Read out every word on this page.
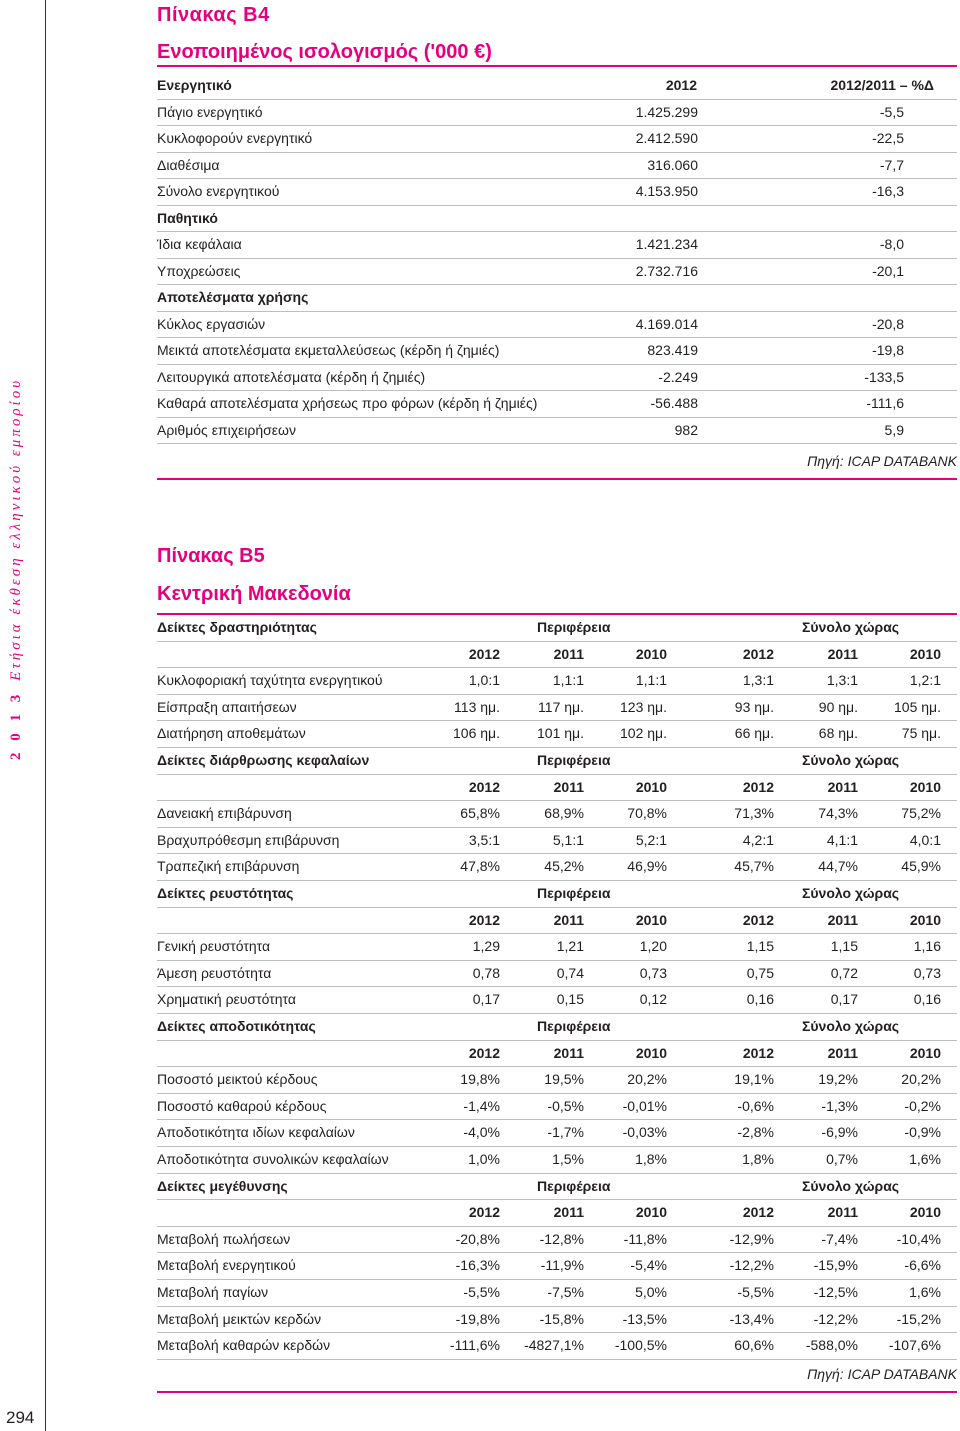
2 0 1 3Ετήσια έκθεση ελληνικού εμπορίου
294
Πίνακας Β4
Ενοποιημένος ισολογισμός ('000 €)
Ενεργητικό	2012	2012/2011 – %Δ
Πάγιο ενεργητικό	1.425.299	-5,5
Κυκλοφορούν ενεργητικό	2.412.590	-22,5
Διαθέσιμα	316.060	-7,7
Σύνολο ενεργητικού	4.153.950	-16,3
Παθητικό
Ίδια κεφάλαια	1.421.234	-8,0
Υποχρεώσεις	2.732.716	-20,1
Αποτελέσματα χρήσης
Κύκλος εργασιών	4.169.014	-20,8
Μεικτά αποτελέσματα εκμεταλλεύσεως (κέρδη ή ζημιές)	823.419	-19,8
Λειτουργικά αποτελέσματα (κέρδη ή ζημιές)	-2.249	-133,5
Καθαρά αποτελέσματα χρήσεως προ φόρων (κέρδη ή ζημιές)	-56.488	-111,6
Αριθμός επιχειρήσεων	982	5,9
Πηγή: ICAP DATABANK
Πίνακας Β5
Κεντρική Μακεδονία
Δείκτες δραστηριότητας	Περιφέρεια	Σύνολο χώρας
2012	2011	2010	2012	2011	2010
Κυκλοφοριακή ταχύτητα ενεργητικού	1,0:1	1,1:1	1,1:1	1,3:1	1,3:1	1,2:1
Είσπραξη απαιτήσεων	113 ημ.	117 ημ.	123 ημ.	93 ημ.	90 ημ.	105 ημ.
Διατήρηση αποθεμάτων	106 ημ.	101 ημ.	102 ημ.	66 ημ.	68 ημ.	75 ημ.
Δείκτες διάρθρωσης κεφαλαίων	Περιφέρεια	Σύνολο χώρας
2012	2011	2010	2012	2011	2010
Δανειακή επιβάρυνση	65,8%	68,9%	70,8%	71,3%	74,3%	75,2%
Βραχυπρόθεσμη επιβάρυνση	3,5:1	5,1:1	5,2:1	4,2:1	4,1:1	4,0:1
Τραπεζική επιβάρυνση	47,8%	45,2%	46,9%	45,7%	44,7%	45,9%
Δείκτες ρευστότητας	Περιφέρεια	Σύνολο χώρας
2012	2011	2010	2012	2011	2010
Γενική ρευστότητα	1,29	1,21	1,20	1,15	1,15	1,16
Άμεση ρευστότητα	0,78	0,74	0,73	0,75	0,72	0,73
Χρηματική ρευστότητα	0,17	0,15	0,12	0,16	0,17	0,16
Δείκτες αποδοτικότητας	Περιφέρεια	Σύνολο χώρας
2012	2011	2010	2012	2011	2010
Ποσοστό μεικτού κέρδους	19,8%	19,5%	20,2%	19,1%	19,2%	20,2%
Ποσοστό καθαρού κέρδους	-1,4%	-0,5%	-0,01%	-0,6%	-1,3%	-0,2%
Αποδοτικότητα ιδίων κεφαλαίων	-4,0%	-1,7%	-0,03%	-2,8%	-6,9%	-0,9%
Αποδοτικότητα συνολικών κεφαλαίων	1,0%	1,5%	1,8%	1,8%	0,7%	1,6%
Δείκτες μεγέθυνσης	Περιφέρεια	Σύνολο χώρας
2012	2011	2010	2012	2011	2010
Μεταβολή πωλήσεων	-20,8%	-12,8%	-11,8%	-12,9%	-7,4%	-10,4%
Μεταβολή ενεργητικού	-16,3%	-11,9%	-5,4%	-12,2%	-15,9%	-6,6%
Μεταβολή παγίων	-5,5%	-7,5%	5,0%	-5,5%	-12,5%	1,6%
Μεταβολή μεικτών κερδών	-19,8%	-15,8%	-13,5%	-13,4%	-12,2%	-15,2%
Μεταβολή καθαρών κερδών	-111,6%	-4827,1%	-100,5%	60,6%	-588,0%	-107,6%
Πηγή: ICAP DATABANK
